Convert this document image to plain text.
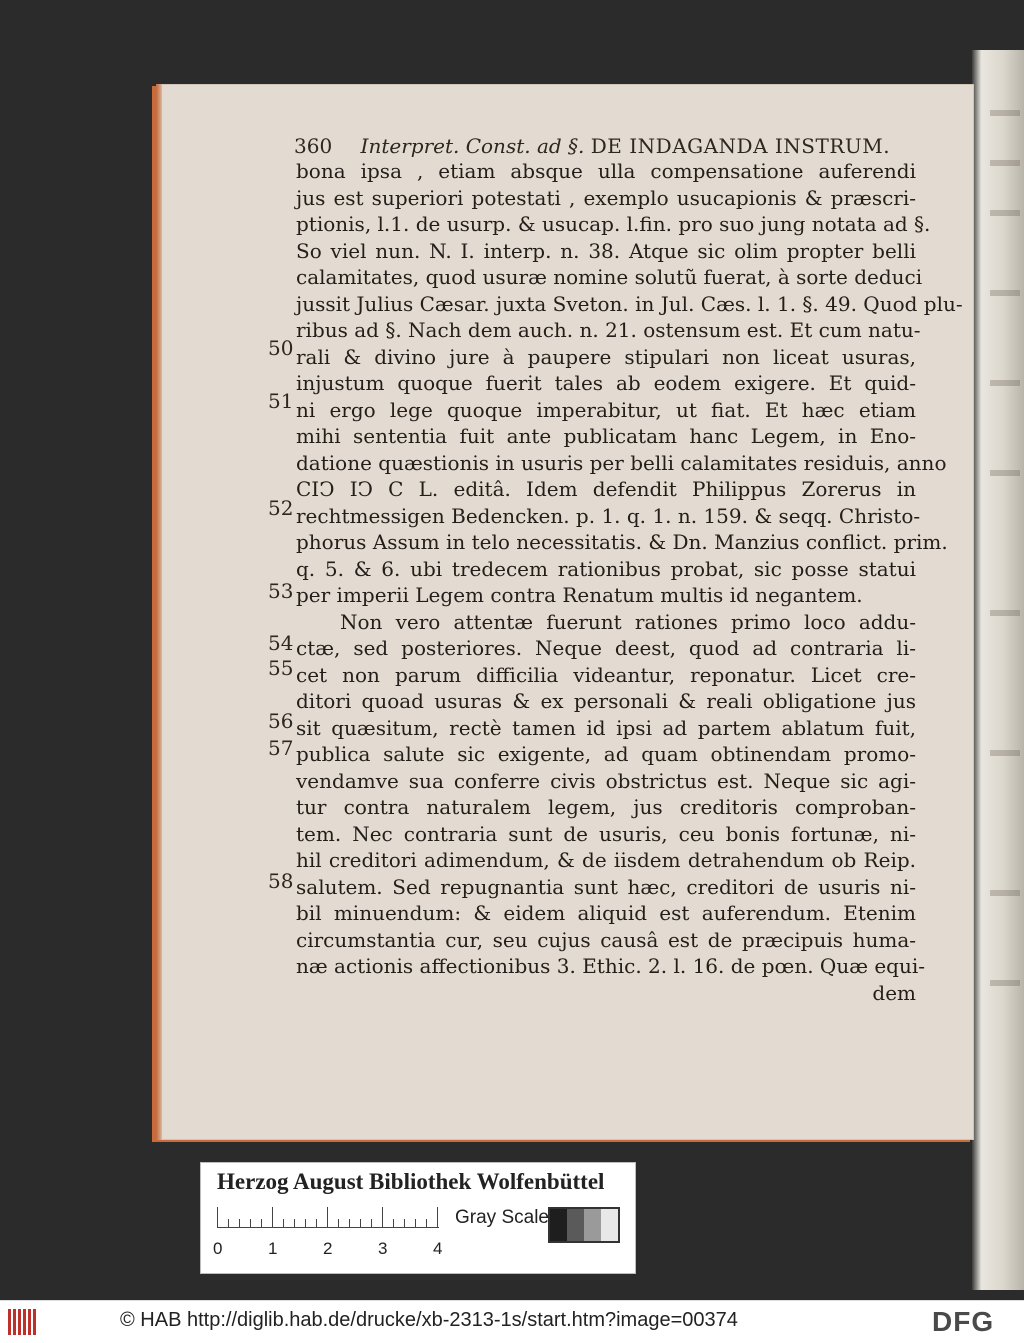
360 Interpret. Const. ad §. DE INDAGANDA INSTRUM.
50
51
52
53
54
55
56
57
58
bona ipsa , etiam absque ulla compensatione auferendi
jus est superiori potestati , exemplo usucapionis & præscri-
ptionis, l.1. de usurp. & usucap. l.fin. pro suo jung notata ad §.
So viel nun. N. I. interp. n. 38. Atque sic olim propter belli
calamitates, quod usuræ nomine solutũ fuerat, à sorte deduci
jussit Julius Cæsar. juxta Sveton. in Jul. Cæs. l. 1. §. 49. Quod plu-
ribus ad §. Nach dem auch. n. 21. ostensum est. Et cum natu-
rali & divino jure à paupere stipulari non liceat usuras,
injustum quoque fuerit tales ab eodem exigere. Et quid-
ni ergo lege quoque imperabitur, ut fiat. Et hæc etiam
mihi sententia fuit ante publicatam hanc Legem, in Eno-
datione quæstionis in usuris per belli calamitates residuis, anno
CIↃ IↃ C L. editâ. Idem defendit Philippus Zorerus in
rechtmessigen Bedencken. p. 1. q. 1. n. 159. & seqq. Christo-
phorus Assum in telo necessitatis. & Dn. Manzius conflict. prim.
q. 5. & 6. ubi tredecem rationibus probat, sic posse statui
per imperii Legem contra Renatum multis id negantem.
Non vero attentæ fuerunt rationes primo loco addu-
ctæ, sed posteriores. Neque deest, quod ad contraria li-
cet non parum difficilia videantur, reponatur. Licet cre-
ditori quoad usuras & ex personali & reali obligatione jus
sit quæsitum, rectè tamen id ipsi ad partem ablatum fuit,
publica salute sic exigente, ad quam obtinendam promo-
vendamve sua conferre civis obstrictus est. Neque sic agi-
tur contra naturalem legem, jus creditoris comproban-
tem. Nec contraria sunt de usuris, ceu bonis fortunæ, ni-
hil creditori adimendum, & de iisdem detrahendum ob Reip.
salutem. Sed repugnantia sunt hæc, creditori de usuris ni-
bil minuendum: & eidem aliquid est auferendum. Etenim
circumstantia cur, seu cujus causâ est de præcipuis huma-
næ actionis affectionibus 3. Ethic. 2. l. 16. de pœn. Quæ equi-
dem
Herzog August Bibliothek Wolfenbüttel
0	1	2	3	4
Gray Scale
© HAB http://diglib.hab.de/drucke/xb-2313-1s/start.htm?image=00374	DFG
